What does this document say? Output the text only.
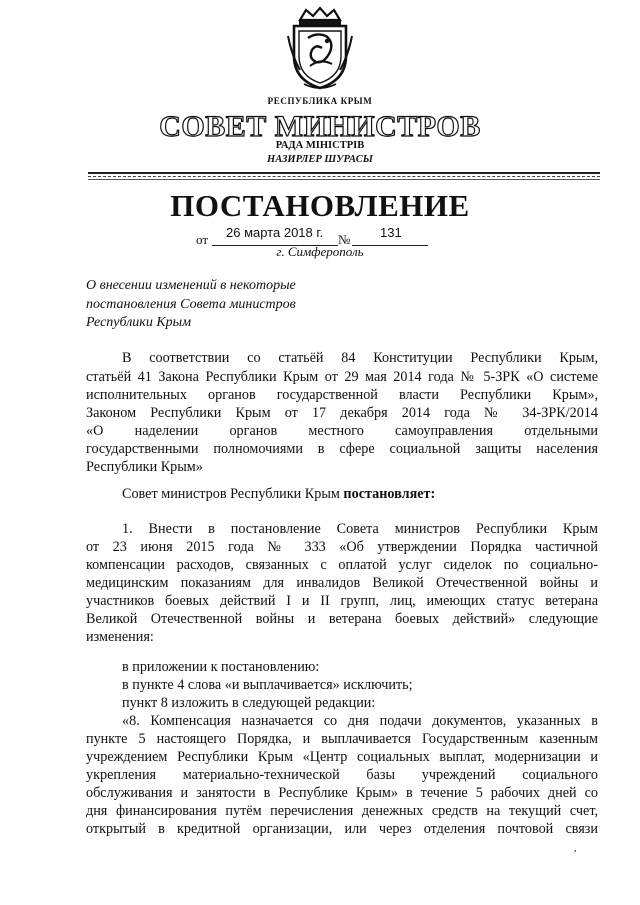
РЕСПУБЛИКА КРЫМ
СОВЕТ МИНИСТРОВ
РАДА МІНІСТРІВ
НАЗИРЛЕР ШУРАСЫ
ПОСТАНОВЛЕНИЕ
от 26 марта 2018 г. № 131
г. Симферополь
О внесении изменений в некоторые
постановления Совета министров
Республики Крым
В соответствии со статьёй 84 Конституции Республики Крым,
статьёй 41 Закона Республики Крым от 29 мая 2014 года № 5-ЗРК «О системе
исполнительных органов государственной власти Республики Крым»,
Законом Республики Крым от 17 декабря 2014 года № 34-ЗРК/2014
«О наделении органов местного самоуправления отдельными
государственными полномочиями в сфере социальной защиты населения
Республики Крым»
Совет министров Республики Крым постановляет:
1. Внести в постановление Совета министров Республики Крым
от 23 июня 2015 года № 333 «Об утверждении Порядка частичной
компенсации расходов, связанных с оплатой услуг сиделок по социально-
медицинским показаниям для инвалидов Великой Отечественной войны и
участников боевых действий I и II групп, лиц, имеющих статус ветерана
Великой Отечественной войны и ветерана боевых действий» следующие
изменения:
в приложении к постановлению:
в пункте 4 слова «и выплачивается» исключить;
пункт 8 изложить в следующей редакции:
«8. Компенсация назначается со дня подачи документов, указанных в
пункте 5 настоящего Порядка, и выплачивается Государственным казенным
учреждением Республики Крым «Центр социальных выплат, модернизации и
укрепления материально-технической базы учреждений социального
обслуживания и занятости в Республике Крым» в течение 5 рабочих дней со
дня финансирования путём перечисления денежных средств на текущий счет,
открытый в кредитной организации, или через отделения почтовой связи
,
